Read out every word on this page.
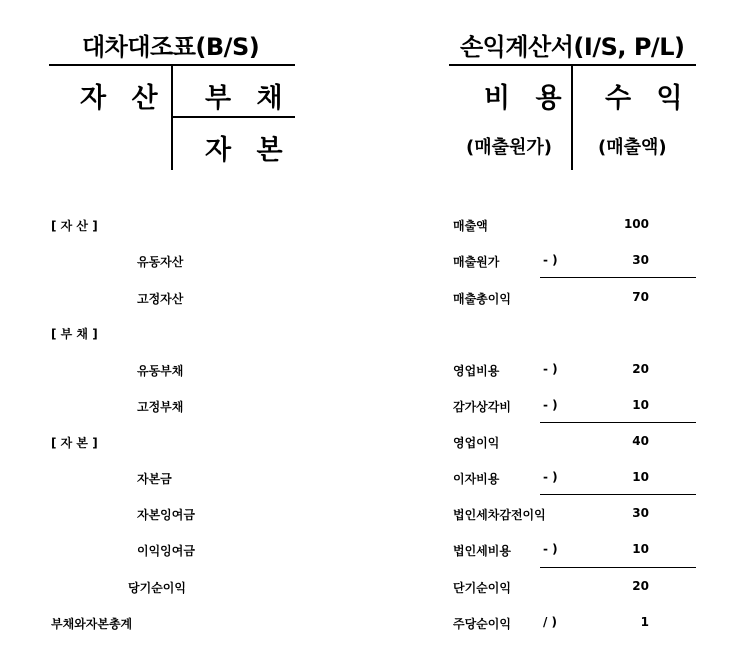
대차대조표(B/S)
자 산 부 채
자 본
손익계산서(I/S, P/L)
비 용
(매출원가)
수 익
(매출액)
[ 자 산 ]
유동자산
고정자산
[ 부 채 ]
유동부채
고정부채
[ 자 본 ]
자본금
자본잉여금
이익잉여금
당기순이익
부채와자본총계
매출액	100
매출원가	- )	30
매출총이익	70
영업비용	- )	20
감가상각비	- )	10
영업이익	40
이자비용	- )	10
법인세차감전이익	30
법인세비용	- )	10
단기순이익	20
주당순이익	/ )	1
